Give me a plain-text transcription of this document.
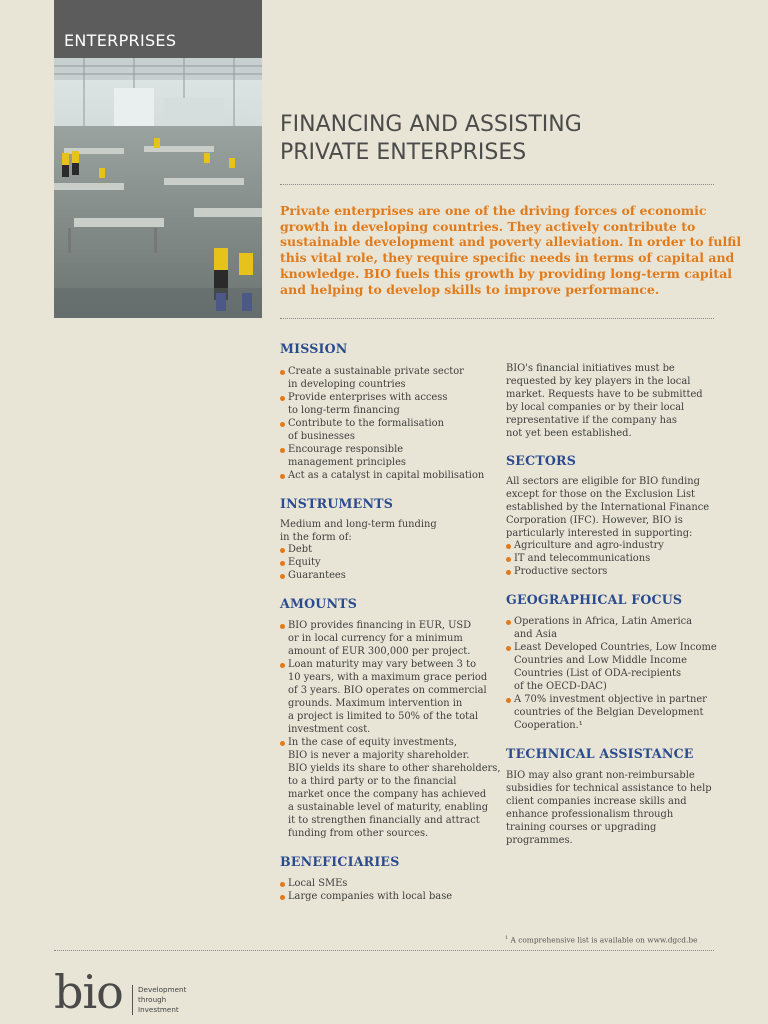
ENTERPRISES
FINANCING AND ASSISTING
PRIVATE ENTERPRISES

Private enterprises are one of the driving forces of economic
growth in developing countries. They actively contribute to
sustainable development and poverty alleviation. In order to fulfil
this vital role, they require specific needs in terms of capital and
knowledge. BIO fuels this growth by providing long-term capital
and helping to develop skills to improve performance.

MISSION
Create a sustainable private sector
in developing countries
Provide enterprises with access
to long-term financing
Contribute to the formalisation
of businesses
Encourage responsible
management principles
Act as a catalyst in capital mobilisation
INSTRUMENTS
Medium and long-term funding
in the form of:
Debt
Equity
Guarantees
AMOUNTS
BIO provides financing in EUR, USD
or in local currency for a minimum
amount of EUR 300,000 per project.
Loan maturity may vary between 3 to
10 years, with a maximum grace period
of 3 years. BIO operates on commercial
grounds. Maximum intervention in
a project is limited to 50% of the total
investment cost.
In the case of equity investments,
BIO is never a majority shareholder.
BIO yields its share to other shareholders,
to a third party or to the financial
market once the company has achieved
a sustainable level of maturity, enabling
it to strengthen financially and attract
funding from other sources.
BENEFICIARIES
Local SMEs
Large companies with local base
BIO's financial initiatives must be
requested by key players in the local
market. Requests have to be submitted
by local companies or by their local
representative if the company has
not yet been established.
SECTORS
All sectors are eligible for BIO funding
except for those on the Exclusion List
established by the International Finance
Corporation (IFC). However, BIO is
particularly interested in supporting:
Agriculture and agro-industry
IT and telecommunications
Productive sectors
GEOGRAPHICAL FOCUS
Operations in Africa, Latin America
and Asia
Least Developed Countries, Low Income
Countries and Low Middle Income
Countries (List of ODA-recipients
of the OECD-DAC)
A 70% investment objective in partner
countries of the Belgian Development
Cooperation.¹
TECHNICAL ASSISTANCE
BIO may also grant non-reimbursable
subsidies for technical assistance to help
client companies increase skills and
enhance professionalism through
training courses or upgrading
programmes.
$^1$ A comprehensive list is available on www.dgcd.be
bio Development
through
Investment
